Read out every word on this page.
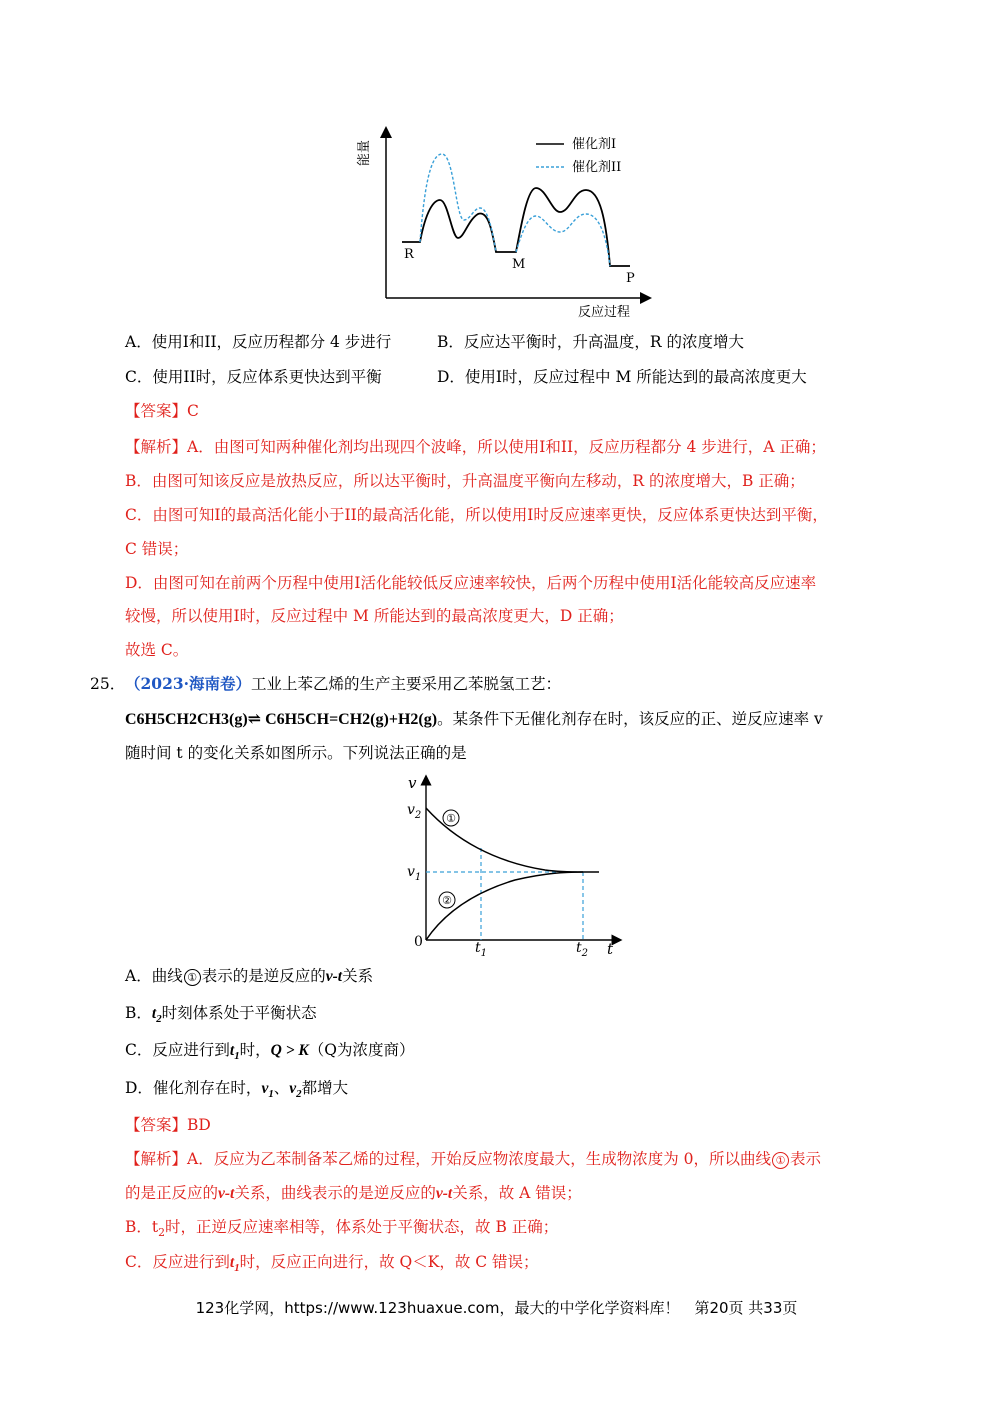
能量
反应过程
催化剂I
催化剂II
R
M
P
A．使用I和II，反应历程都分 4 步进行	B．反应达平衡时，升高温度，R 的浓度增大
C．使用II时，反应体系更快达到平衡	D．使用I时，反应过程中 M 所能达到的最高浓度更大
【答案】C
【解析】A．由图可知两种催化剂均出现四个波峰，所以使用I和II，反应历程都分 4 步进行，A 正确；
B．由图可知该反应是放热反应，所以达平衡时，升高温度平衡向左移动，R 的浓度增大，B 正确；
C．由图可知I的最高活化能小于II的最高活化能，所以使用I时反应速率更快，反应体系更快达到平衡，
C 错误；
D．由图可知在前两个历程中使用I活化能较低反应速率较快，后两个历程中使用I活化能较高反应速率
较慢，所以使用I时，反应过程中 M 所能达到的最高浓度更大，D 正确；
故选 C。
25． （2023·海南卷）工业上苯乙烯的生产主要采用乙苯脱氢工艺：
C6H5CH2CH3(g)⇌ C6H5CH=CH2(g)+H2(g)。某条件下无催化剂存在时，该反应的正、逆反应速率 v
随时间 t 的变化关系如图所示。下列说法正确的是
v
t
0
$v_2$
$v_1$
$t_1$	$t_2$
①
②
A．曲线 ① 表示的是逆反应的v-t关系
B．$t_2$时刻体系处于平衡状态
C．反应进行到$t_1$时，Q > K（Q为浓度商）
D．催化剂存在时，$v_1$、$v_2$都增大
【答案】BD
【解析】A．反应为乙苯制备苯乙烯的过程，开始反应物浓度最大，生成物浓度为 0，所以曲线 ① 表示
的是正反应的v-t关系，曲线表示的是逆反应的v-t关系，故 A 错误；
B．$t_2$时，正逆反应速率相等，体系处于平衡状态，故 B 正确；
C．反应进行到$t_1$时，反应正向进行，故 Q＜K，故 C 错误；
123化学网，https://www.123huaxue.com，最大的中学化学资料库！　第20页 共33页
